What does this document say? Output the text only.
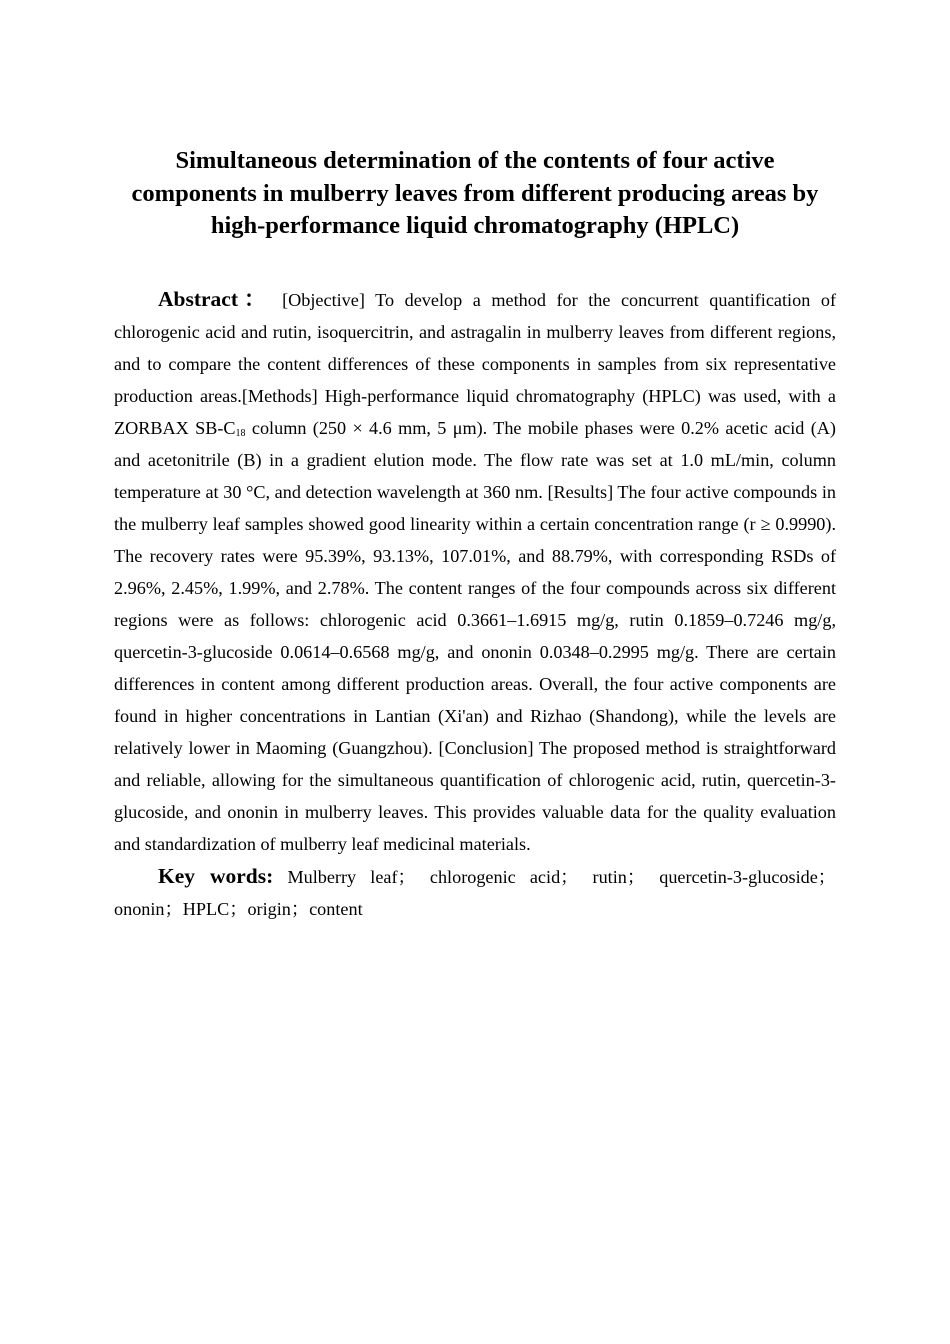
Simultaneous determination of the contents of four active
components in mulberry leaves from different producing areas by
high-performance liquid chromatography (HPLC)

Abstract： [Objective] To develop a method for the concurrent quantification of chlorogenic acid and rutin, isoquercitrin, and astragalin in mulberry leaves from different regions, and to compare the content differences of these components in samples from six representative production areas.[Methods] High-performance liquid chromatography (HPLC) was used, with a ZORBAX $SB-C_{18}$ column (250 × 4.6 mm, 5 μm). The mobile phases were 0.2% acetic acid (A) and acetonitrile (B) in a gradient elution mode. The flow rate was set at 1.0 mL/min, column temperature at 30 °C, and detection wavelength at 360 nm. [Results] The four active compounds in the mulberry leaf samples showed good linearity within a certain concentration range (r ≥ 0.9990). The recovery rates were 95.39%, 93.13%, 107.01%, and 88.79%, with corresponding RSDs of 2.96%, 2.45%, 1.99%, and 2.78%. The content ranges of the four compounds across six different regions were as follows: chlorogenic acid 0.3661–1.6915 mg/g, rutin 0.1859–0.7246 mg/g, quercetin-3-glucoside 0.0614–0.6568 mg/g, and ononin 0.0348–0.2995 mg/g. There are certain differences in content among different production areas. Overall, the four active components are found in higher concentrations in Lantian (Xi'an) and Rizhao (Shandong), while the levels are relatively lower in Maoming (Guangzhou). [Conclusion] The proposed method is straightforward and reliable, allowing for the simultaneous quantification of chlorogenic acid, rutin, quercetin-3-glucoside, and ononin in mulberry leaves. This provides valuable data for the quality evaluation and standardization of mulberry leaf medicinal materials.

Key words: Mulberry leaf； chlorogenic acid； rutin； quercetin-3-glucoside； ononin；HPLC；origin；content
